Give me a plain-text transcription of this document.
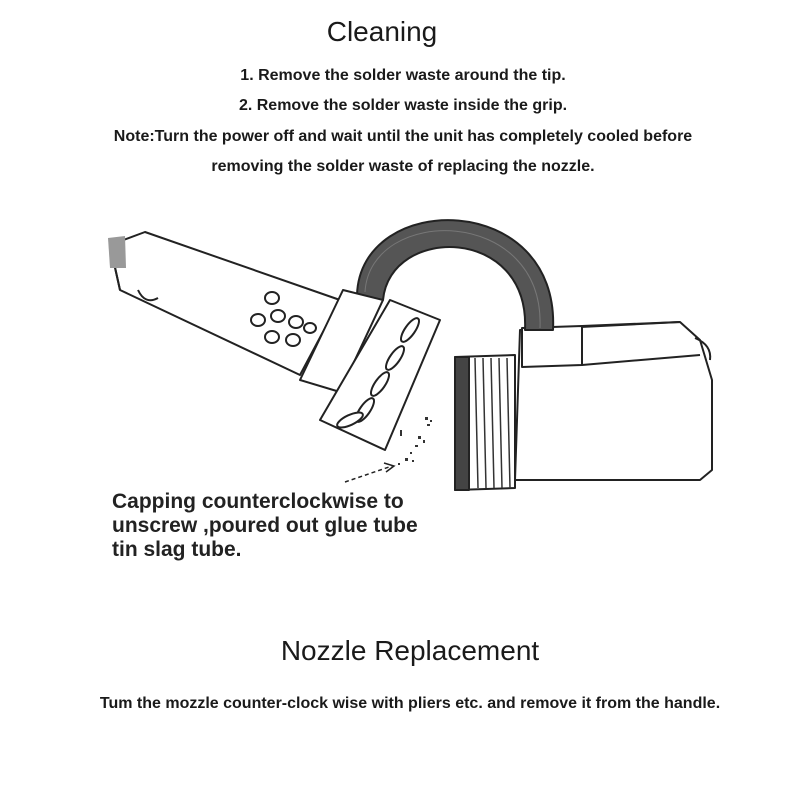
Cleaning

1. Remove the solder waste around the tip.

2. Remove the solder waste inside the grip.

Note:Turn the power off and wait until the unit has completely cooled before

removing the solder waste of replacing the nozzle.

Capping counterclockwise to
unscrew ,poured out glue tube
tin slag tube.

Nozzle Replacement

Tum the mozzle counter-clock wise with pliers etc. and remove it from the handle.
